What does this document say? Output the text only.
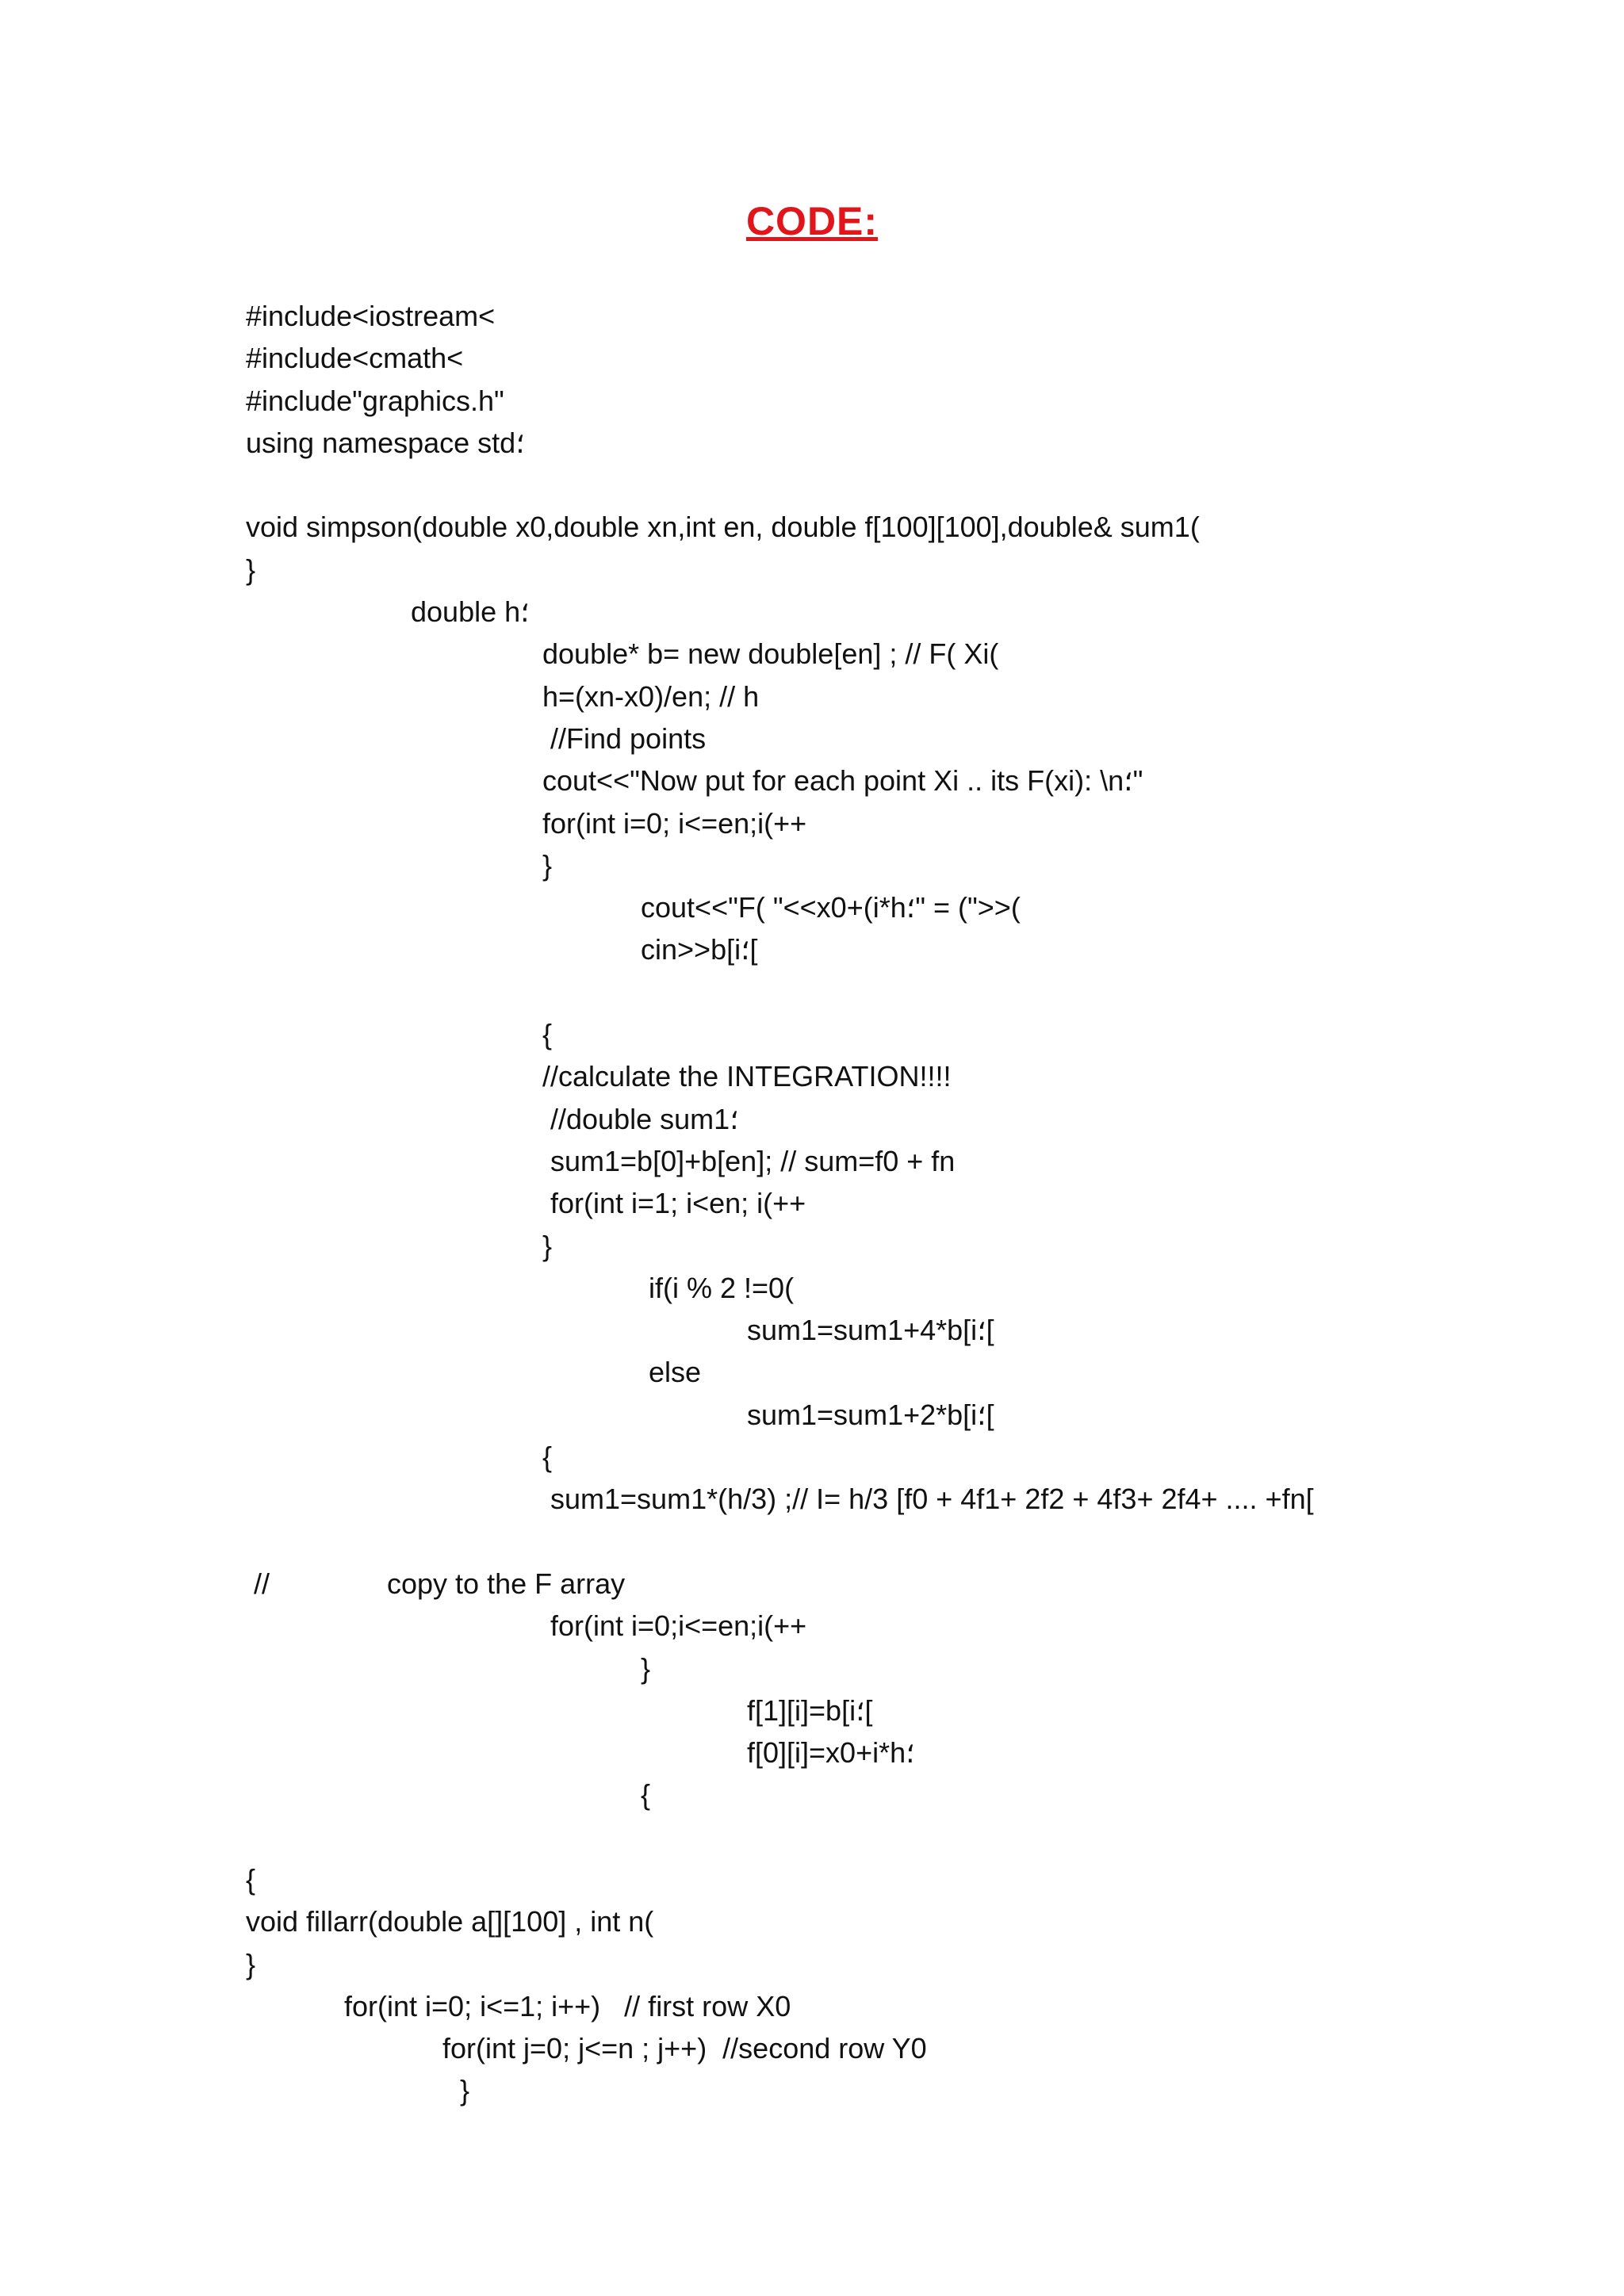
CODE:
#include<iostream<
#include<cmath<
#include"graphics.h"
using namespace std؛
void simpson(double x0,double xn,int en, double f[100][100],double& sum1(
}
double h؛
double* b= new double[en] ; // F( Xi(
h=(xn-x0)/en; // h
//Find points
cout<<"Now put for each point Xi .. its F(xi): \n؛"
for(int i=0; i<=en;i(++
}
cout<<"F( "<<x0+(i*h؛" = (">>(
cin>>b[i؛[
{
//calculate the INTEGRATION!!!!
//double sum1؛
sum1=b[0]+b[en]; // sum=f0 + fn
for(int i=1; i<en; i(++
}
if(i % 2 !=0(
sum1=sum1+4*b[i؛[
else
sum1=sum1+2*b[i؛[
{
sum1=sum1*(h/3) ;// I= h/3 [f0 + 4f1+ 2f2 + 4f3+ 2f4+ .... +fn[

//

	copy to the F array

for(int i=0;i<=en;i(++
}
f[1][i]=b[i؛[
f[0][i]=x0+i*h؛
{
{
void fillarr(double a[][100] , int n(
}
for(int i=0; i<=1; i++)   // first row X0
for(int j=0; j<=n ; j++)  //second row Y0
}
